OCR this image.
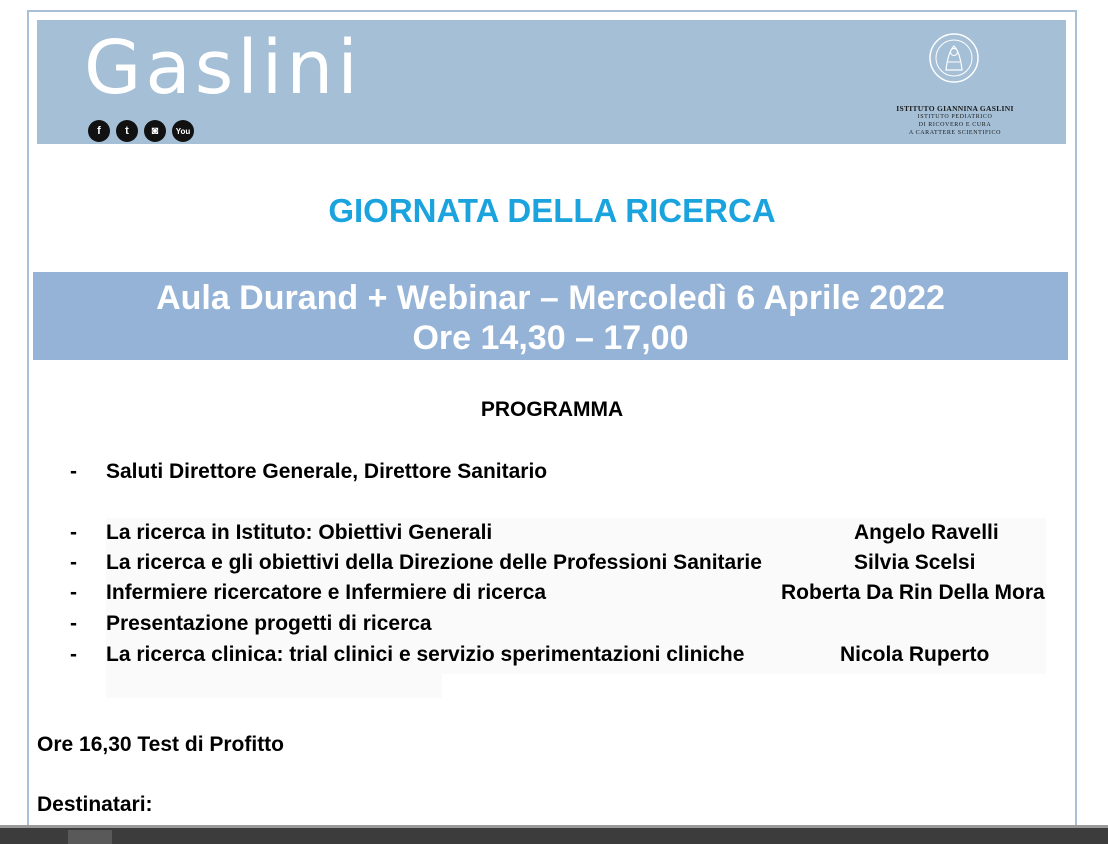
Gaslini
f	t	◙	You
ISTITUTO GIANNINA GASLINI
ISTITUTO PEDIATRICO
DI RICOVERO E CURA
A CARATTERE SCIENTIFICO
GIORNATA DELLA RICERCA
Aula Durand + Webinar – Mercoledì 6 Aprile 2022
Ore 14,30 – 17,00
PROGRAMMA
- Saluti Direttore Generale, Direttore Sanitario
- La ricerca in Istituto: Obiettivi Generali	Angelo Ravelli
- La ricerca e gli obiettivi della Direzione delle Professioni Sanitarie	Silvia Scelsi
- Infermiere ricercatore e Infermiere di ricerca	Roberta Da Rin Della Mora
- Presentazione progetti di ricerca
- La ricerca clinica: trial clinici e servizio sperimentazioni cliniche	Nicola Ruperto
Ore 16,30 Test di Profitto
Destinatari:
